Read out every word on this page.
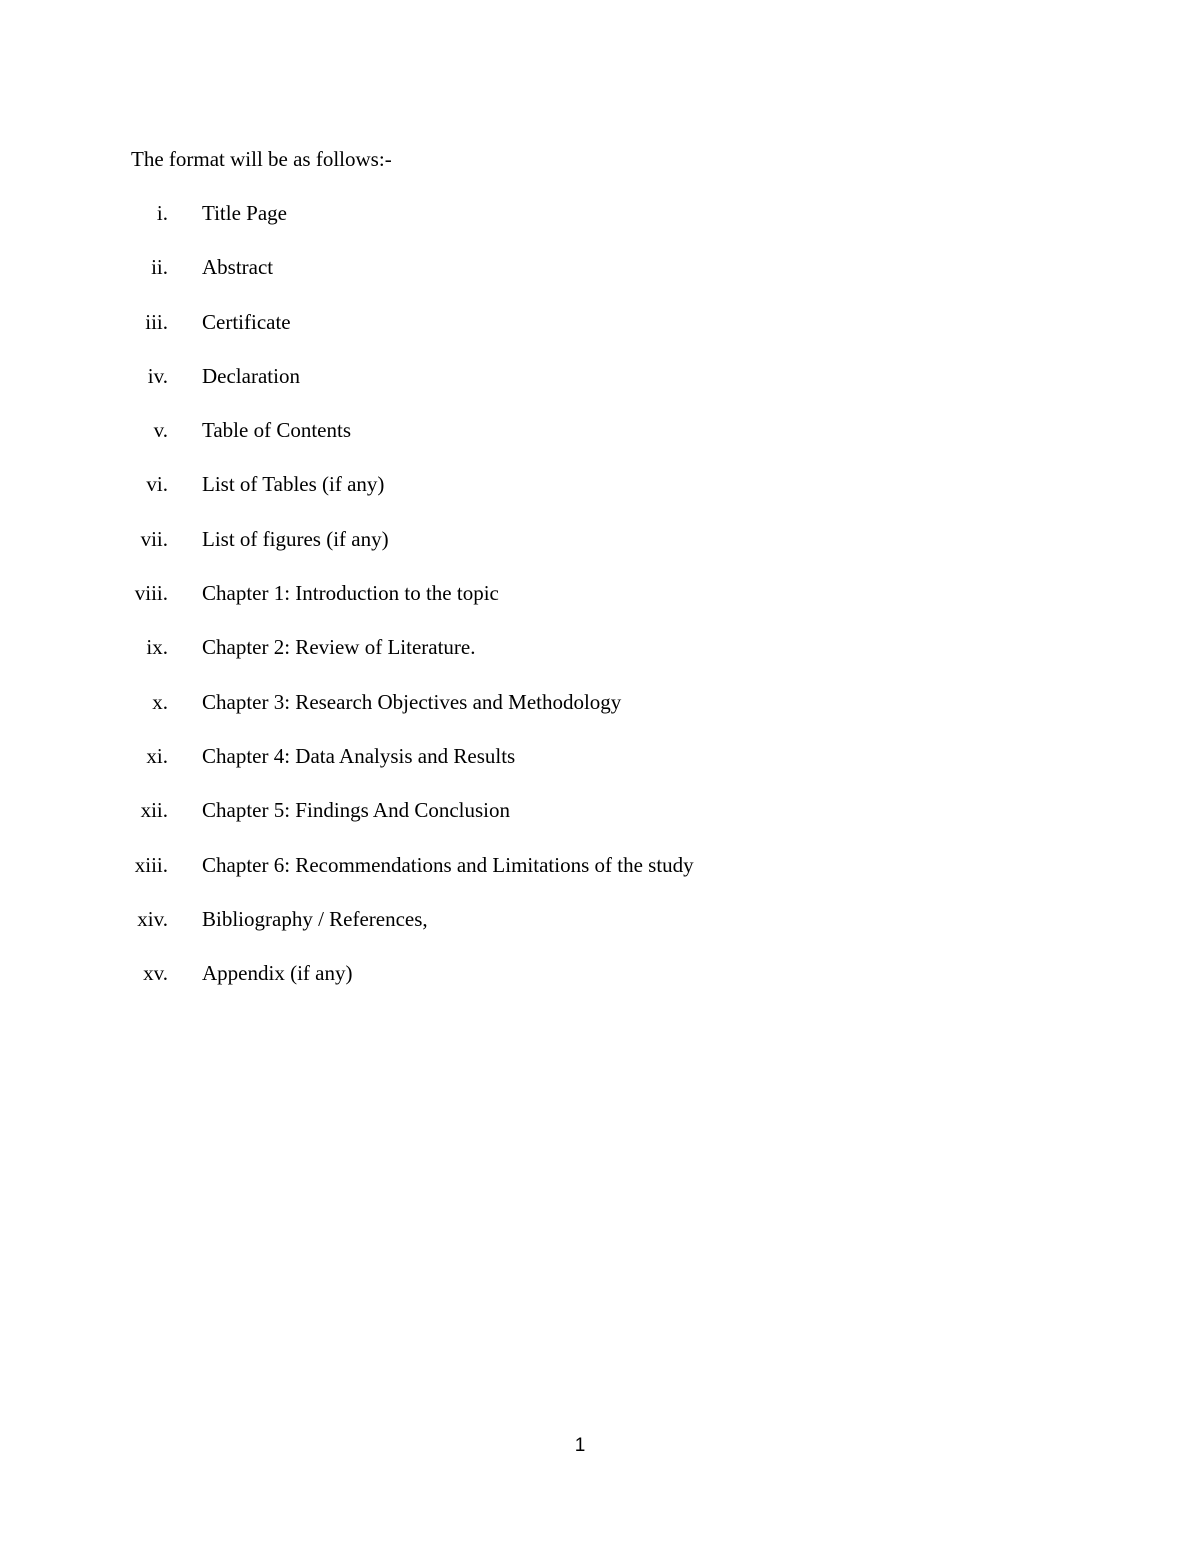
The format will be as follows:-
i. Title Page
ii. Abstract
iii. Certificate
iv. Declaration
v. Table of Contents
vi. List of Tables (if any)
vii. List of figures (if any)
viii. Chapter 1: Introduction to the topic
ix. Chapter 2: Review of Literature.
x. Chapter 3: Research Objectives and Methodology
xi. Chapter 4: Data Analysis and Results
xii. Chapter 5: Findings And Conclusion
xiii. Chapter 6: Recommendations and Limitations of the study
xiv. Bibliography / References,
xv. Appendix (if any)
1
